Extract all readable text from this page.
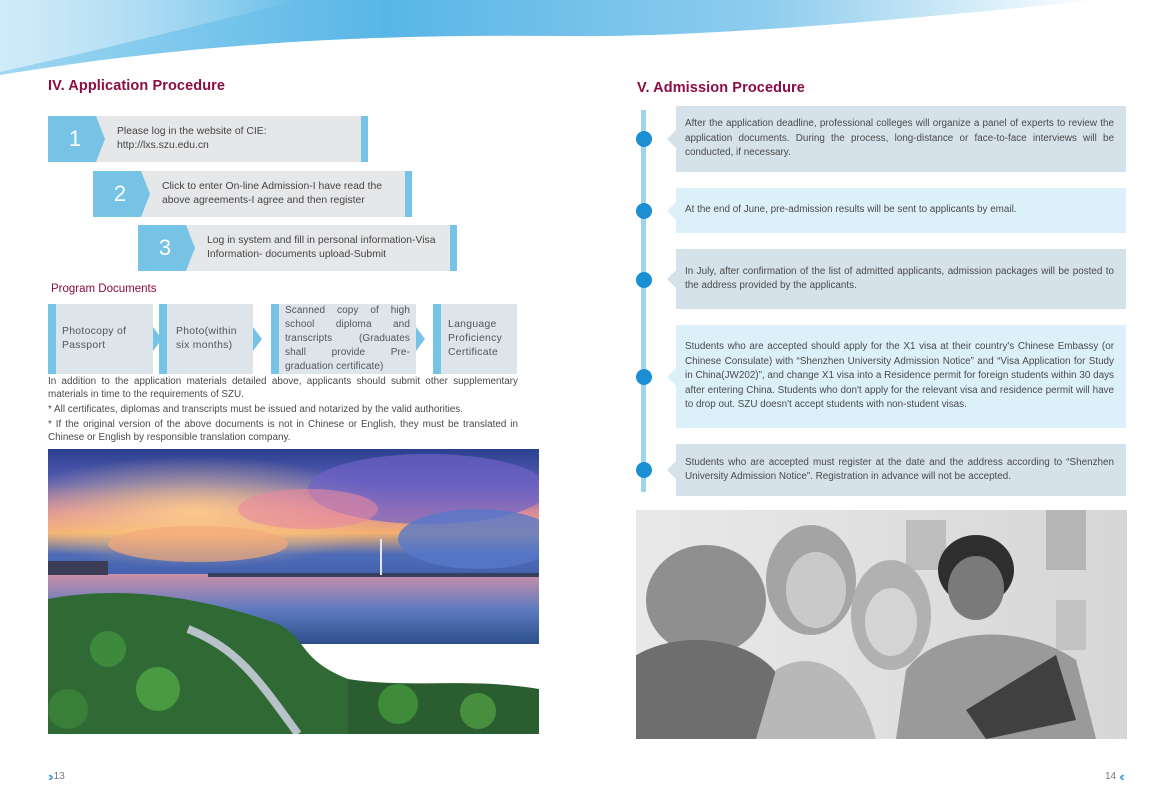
IV. Application Procedure
Please log in the website of CIE:
http://lxs.szu.edu.cn
1
Click to enter On-line Admission-I have read the above agreements-I agree and then register
2
Log in system and fill in personal information-Visa Information- documents upload-Submit
3
Program Documents
Photocopy of Passport
Photo(within six months)
Scanned copy of high school diploma and transcripts (Graduates shall provide Pre-graduation certificate)
Language Proficiency Certificate
In addition to the application materials detailed above, applicants should submit other supplementary materials in time to the requirements of SZU.
* All certificates, diplomas and transcripts must be issued and notarized by the valid authorities.
* If the original version of the above documents is not in Chinese or English, they must be translated in Chinese or English by responsible translation company.
›› 13
V. Admission Procedure
After the application deadline, professional colleges will organize a panel of experts to review the application documents. During the process, long-distance or face-to-face interviews will be conducted, if necessary.
At the end of June, pre-admission results will be sent to applicants by email.
In July, after confirmation of the list of admitted applicants, admission packages will be posted to the address provided by the applicants.
Students who are accepted should apply for the X1 visa at their country's Chinese Embassy (or Chinese Consulate) with “Shenzhen University Admission Notice” and “Visa Application for Study in China(JW202)”, and change X1 visa into a Residence permit for foreign students within 30 days after entering China. Students who don't apply for the relevant visa and residence permit will have to drop out. SZU doesn't accept students with non-student visas.
Students who are accepted must register at the date and the address according to “Shenzhen University Admission Notice”. Registration in advance will not be accepted.
14 ‹‹
